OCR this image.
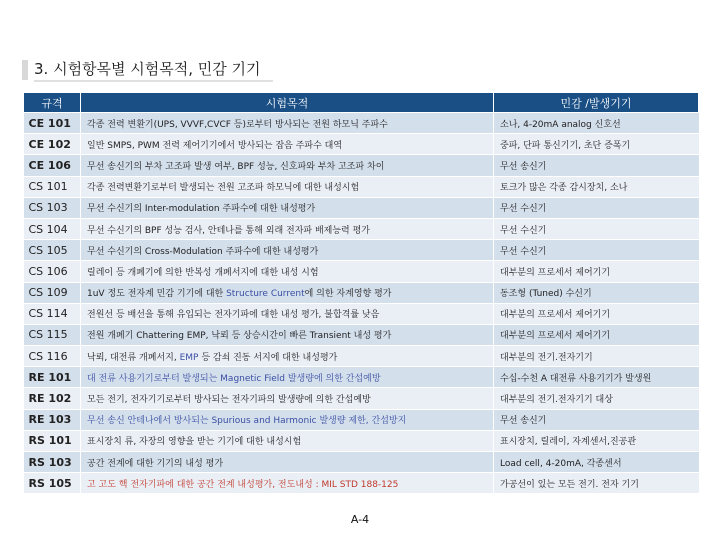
3. 시험항목별 시험목적, 민감 기기
규격	시험목적	민감 /발생기기
CE 101	각종 전력 변환기(UPS, VVVF,CVCF 등)로부터 방사되는 전원 하모닉 주파수	소나, 4-20mA analog 신호선
CE 102	일반 SMPS, PWM 전력 제어기기에서 방사되는 잡음 주파수 대역	중파, 단파 통신기기, 초단 증폭기
CE 106	무선 송신기의 부차 고조파 발생 여부, BPF 성능, 신호파와 부차 고조파 차이	무선 송신기
CS 101	각종 전력변환기로부터 발생되는 전원 고조파 하모닉에 대한 내성시험	토크가 많은 각종 감시장치, 소나
CS 103	무선 수신기의 Inter-modulation 주파수에 대한 내성평가	무선 수신기
CS 104	무선 수신기의 BPF 성능 검사, 안테나를 통해 외래 전자파 배제능력 평가	무선 수신기
CS 105	무선 수신기의 Cross-Modulation 주파수에 대한 내성평가	무선 수신기
CS 106	릴레이 등 개폐기에 의한 반복성 개폐서지에 대한 내성 시험	대부분의 프로세서 제어기기
CS 109	1uV 정도 전자계 민감 기기에 대한 Structure Current에 의한 자계영향 평가	동조형 (Tuned) 수신기
CS 114	전원선 등 배선을 통해 유입되는 전자기파에 대한 내성 평가, 불합격률 낮음	대부분의 프로세서 제어기기
CS 115	전원 개폐기 Chattering EMP, 낙뢰 등 상승시간이 빠른 Transient 내성 평가	대부분의 프로세서 제어기기
CS 116	낙뢰, 대전류 개폐서지, EMP 등 감쇠 진동 서지에 대한 내성평가	대부분의 전기.전자기기
RE 101	대 전류 사용기기로부터 발생되는 Magnetic Field 발생량에 의한 간섭예방	수십-수천 A 대전류 사용기기가 발생원
RE 102	모든 전기, 전자기기로부터 방사되는 전자기파의 발생량에 의한 간섭예방	대부분의 전기.전자기기 대상
RE 103	무선 송신 안테나에서 방사되는 Spurious and Harmonic 발생량 제한, 간섭방지	무선 송신기
RS 101	표시장치 류, 자장의 영향을 받는 기기에 대한 내성시험	표시장치, 릴레이, 자계센서,진공관
RS 103	공간 전계에 대한 기기의 내성 평가	Load cell, 4-20mA, 각종센서
RS 105	고 고도 핵 전자기파에 대한 공간 전계 내성평가, 전도내성 : MIL STD 188-125	가공선이 있는 모든 전기. 전자 기기
A-4
